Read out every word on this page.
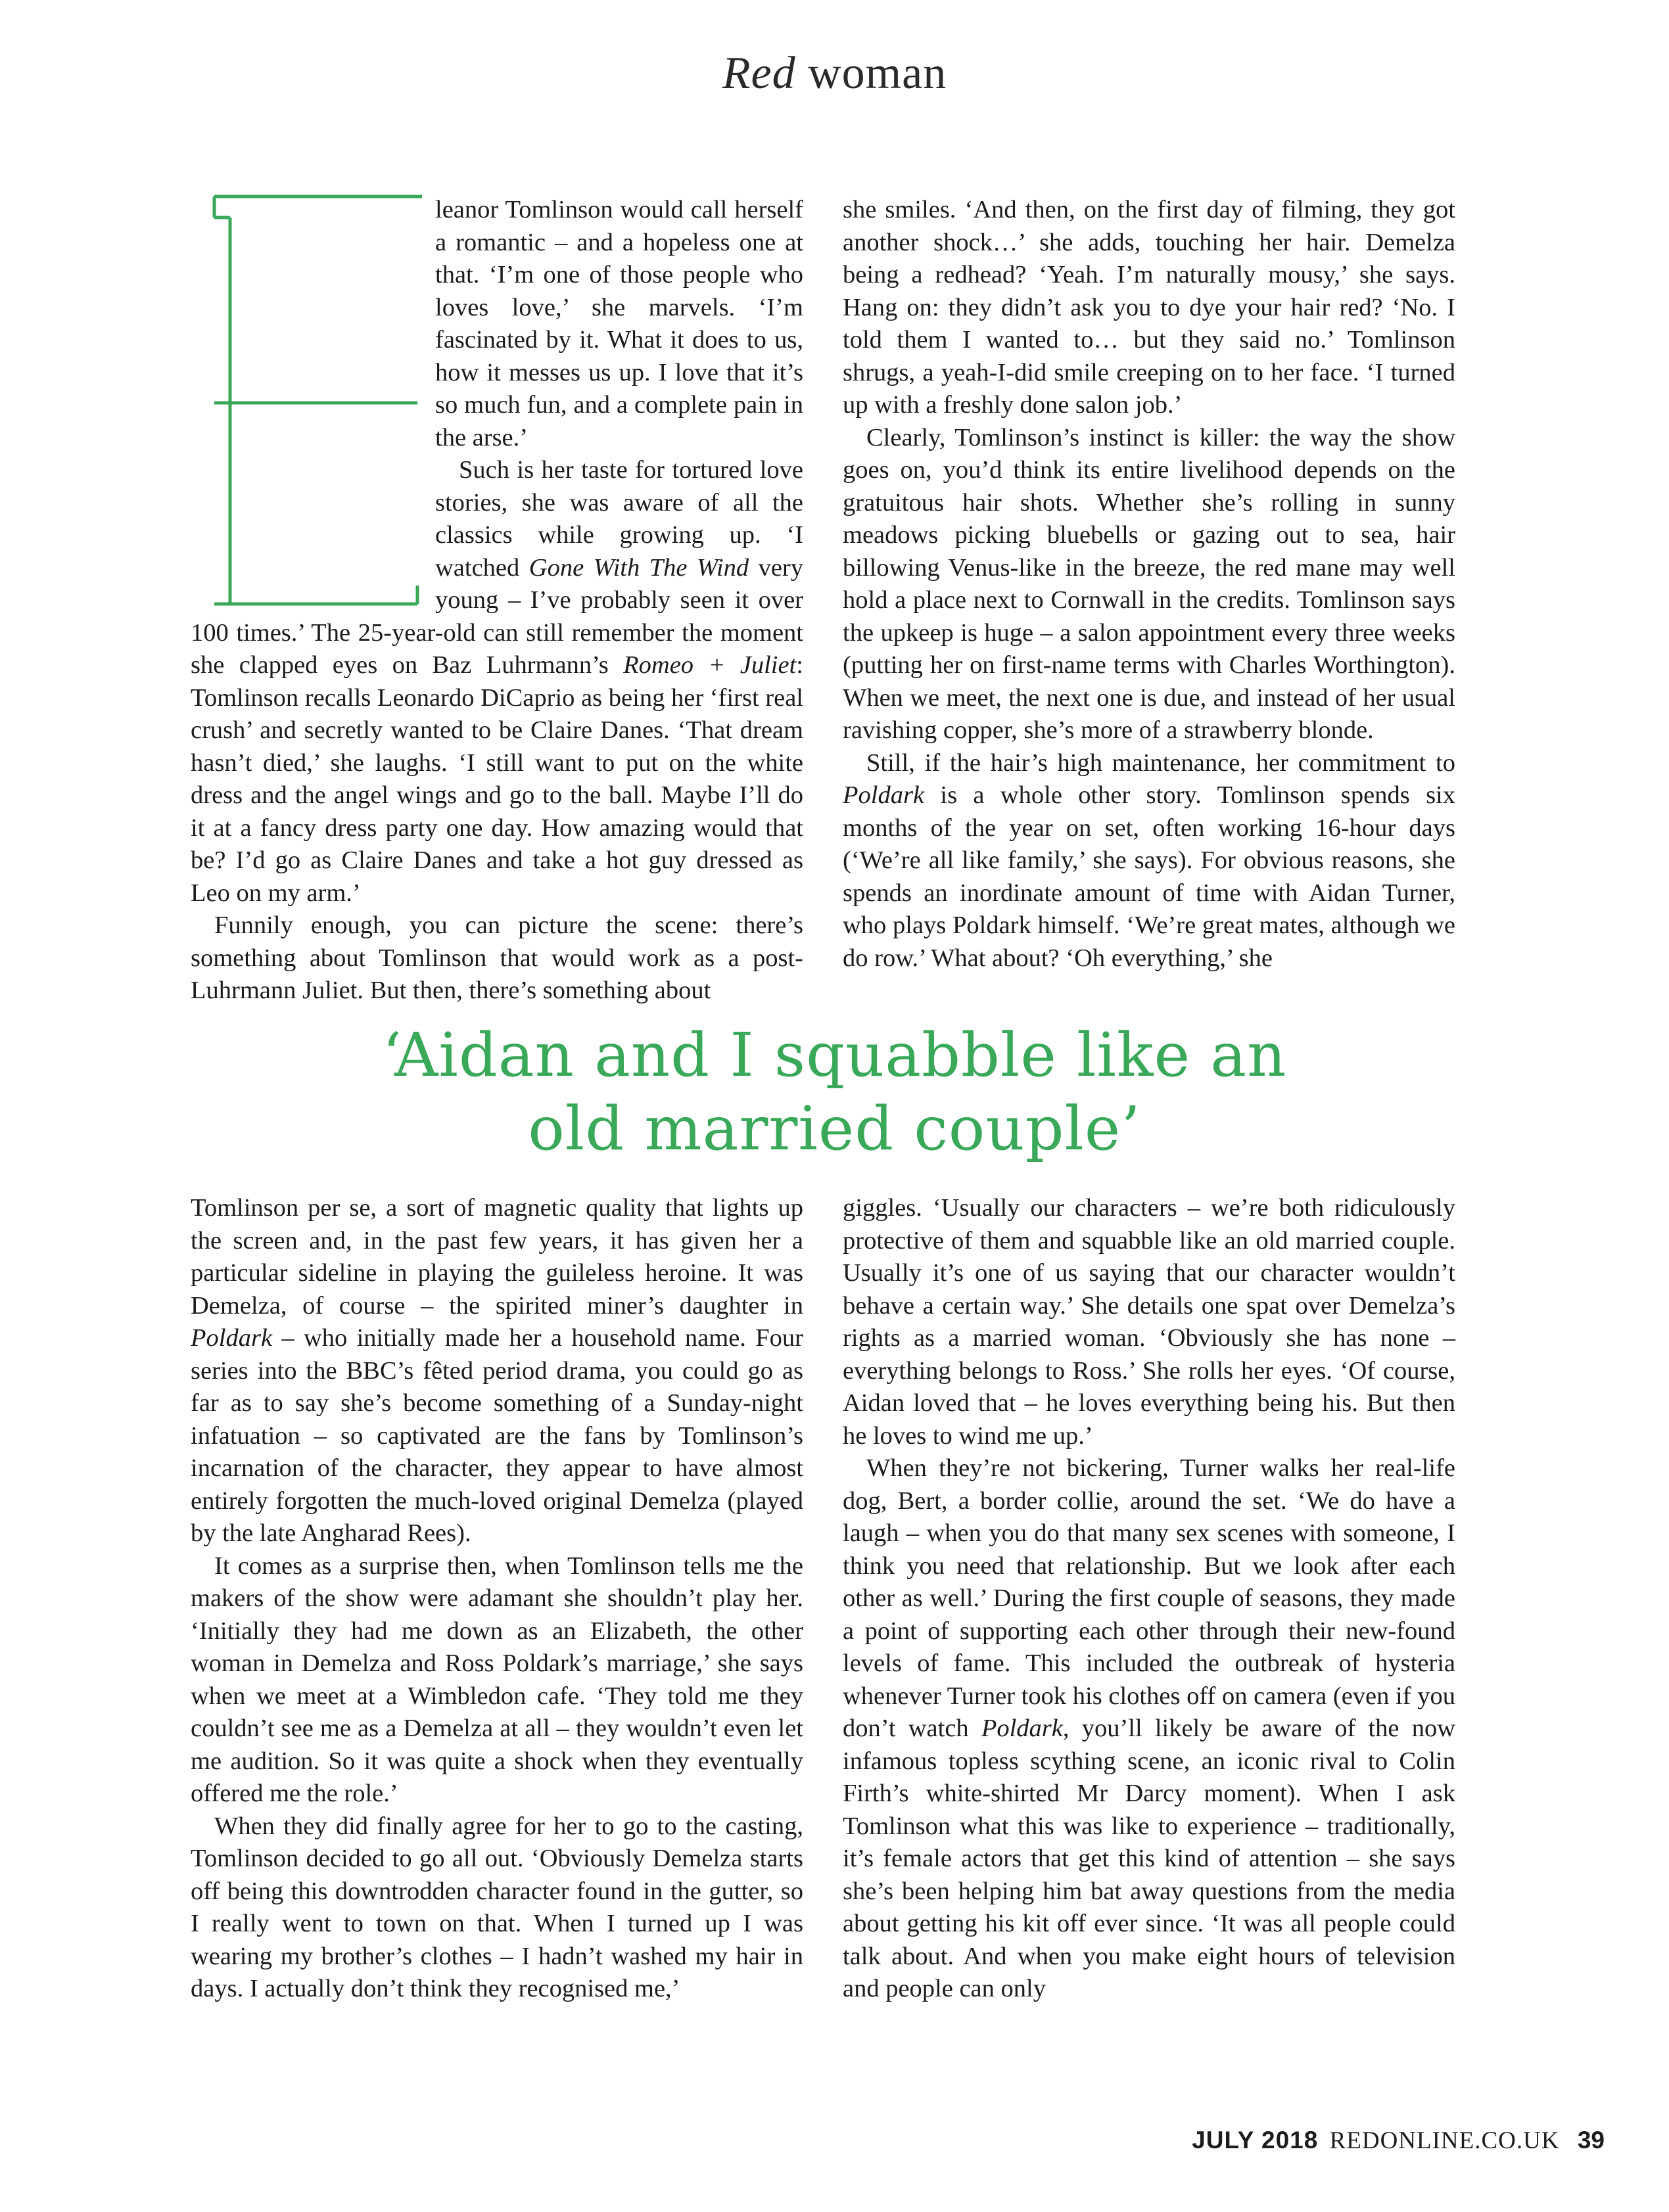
Red woman

leanor Tomlinson would call herself a romantic – and a hopeless one at that. ‘I’m one of those people who loves love,’ she marvels. ‘I’m fascinated by it. What it does to us, how it messes us up. I love that it’s so much fun, and a complete pain in the arse.’

Such is her taste for tortured love stories, she was aware of all the classics while growing up. ‘I watched Gone With The Wind very young – I’ve probably seen it over 100 times.’ The 25-year-old can still remember the moment she clapped eyes on Baz Luhrmann’s Romeo + Juliet: Tomlinson recalls Leonardo DiCaprio as being her ‘first real crush’ and secretly wanted to be Claire Danes. ‘That dream hasn’t died,’ she laughs. ‘I still want to put on the white dress and the angel wings and go to the ball. Maybe I’ll do it at a fancy dress party one day. How amazing would that be? I’d go as Claire Danes and take a hot guy dressed as Leo on my arm.’

Funnily enough, you can picture the scene: there’s something about Tomlinson that would work as a post-Luhrmann Juliet. But then, there’s something about

she smiles. ‘And then, on the first day of filming, they got another shock…’ she adds, touching her hair. Demelza being a redhead? ‘Yeah. I’m naturally mousy,’ she says. Hang on: they didn’t ask you to dye your hair red? ‘No. I told them I wanted to… but they said no.’ Tomlinson shrugs, a yeah-I-did smile creeping on to her face. ‘I turned up with a freshly done salon job.’

Clearly, Tomlinson’s instinct is killer: the way the show goes on, you’d think its entire livelihood depends on the gratuitous hair shots. Whether she’s rolling in sunny meadows picking bluebells or gazing out to sea, hair billowing Venus-like in the breeze, the red mane may well hold a place next to Cornwall in the credits. Tomlinson says the upkeep is huge – a salon appointment every three weeks (putting her on first-name terms with Charles Worthington). When we meet, the next one is due, and instead of her usual ravishing copper, she’s more of a strawberry blonde.

Still, if the hair’s high maintenance, her commitment to Poldark is a whole other story. Tomlinson spends six months of the year on set, often working 16-hour days (‘We’re all like family,’ she says). For obvious reasons, she spends an inordinate amount of time with Aidan Turner, who plays Poldark himself. ‘We’re great mates, although we do row.’ What about? ‘Oh everything,’ she

‘Aidan and I squabble like an
old married couple’

Tomlinson per se, a sort of magnetic quality that lights up the screen and, in the past few years, it has given her a particular sideline in playing the guileless heroine. It was Demelza, of course – the spirited miner’s daughter in Poldark – who initially made her a household name. Four series into the BBC’s fêted period drama, you could go as far as to say she’s become something of a Sunday-night infatuation – so captivated are the fans by Tomlinson’s incarnation of the character, they appear to have almost entirely forgotten the much-loved original Demelza (played by the late Angharad Rees).

It comes as a surprise then, when Tomlinson tells me the makers of the show were adamant she shouldn’t play her. ‘Initially they had me down as an Elizabeth, the other woman in Demelza and Ross Poldark’s marriage,’ she says when we meet at a Wimbledon cafe. ‘They told me they couldn’t see me as a Demelza at all – they wouldn’t even let me audition. So it was quite a shock when they eventually offered me the role.’

When they did finally agree for her to go to the casting, Tomlinson decided to go all out. ‘Obviously Demelza starts off being this downtrodden character found in the gutter, so I really went to town on that. When I turned up I was wearing my brother’s clothes – I hadn’t washed my hair in days. I actually don’t think they recognised me,’

giggles. ‘Usually our characters – we’re both ridiculously protective of them and squabble like an old married couple. Usually it’s one of us saying that our character wouldn’t behave a certain way.’ She details one spat over Demelza’s rights as a married woman. ‘Obviously she has none – everything belongs to Ross.’ She rolls her eyes. ‘Of course, Aidan loved that – he loves everything being his. But then he loves to wind me up.’

When they’re not bickering, Turner walks her real-life dog, Bert, a border collie, around the set. ‘We do have a laugh – when you do that many sex scenes with someone, I think you need that relationship. But we look after each other as well.’ During the first couple of seasons, they made a point of supporting each other through their new-found levels of fame. This included the outbreak of hysteria whenever Turner took his clothes off on camera (even if you don’t watch Poldark, you’ll likely be aware of the now infamous topless scything scene, an iconic rival to Colin Firth’s white-shirted Mr Darcy moment). When I ask Tomlinson what this was like to experience – traditionally, it’s female actors that get this kind of attention – she says she’s been helping him bat away questions from the media about getting his kit off ever since. ‘It was all people could talk about. And when you make eight hours of television and people can only

JULY 2018 REDONLINE.CO.UK 39
